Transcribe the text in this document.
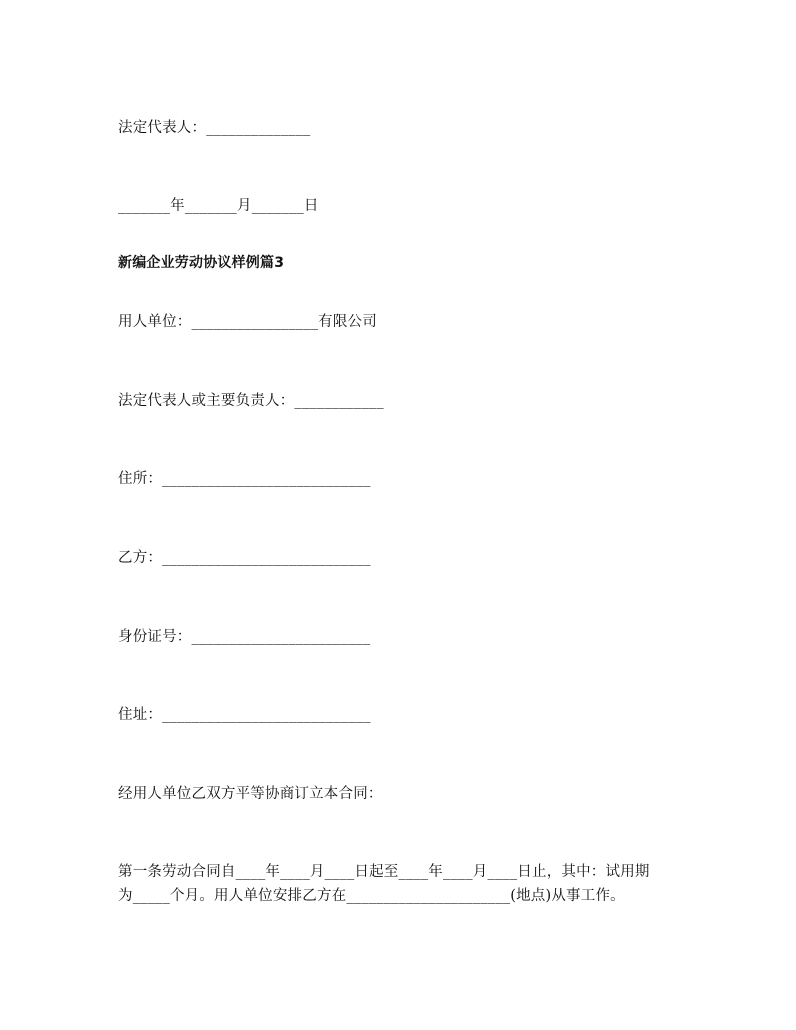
法定代表人：______________
_______年_______月_______日
新编企业劳动协议样例篇3
用人单位：_________________有限公司
法定代表人或主要负责人：____________
住所：____________________________
乙方：____________________________
身份证号：________________________
住址：____________________________
经用人单位乙双方平等协商订立本合同：
第一条劳动合同自____年____月____日起至____年____月____日止，其中：试用期
为_____个月。用人单位安排乙方在______________________(地点)从事工作。
